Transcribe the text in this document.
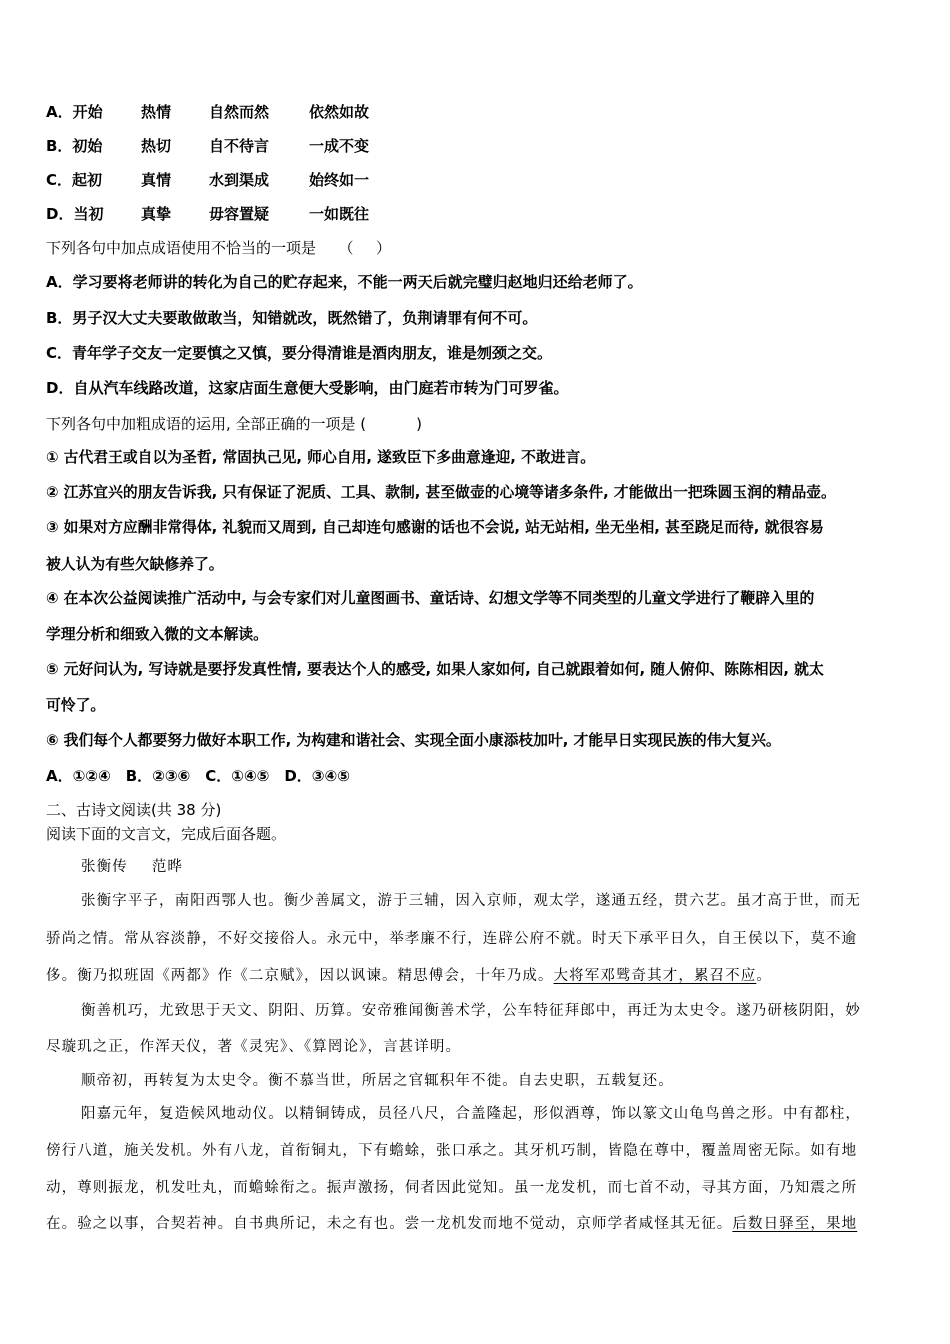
A．开始	热情	自然而然	依然如故
B．初始	热切	自不待言	一成不变
C．起初	真情	水到渠成	始终如一
D．当初	真挚	毋容置疑	一如既往
下列各句中加点成语使用不恰当的一项是 （ ）
A．学习要将老师讲的转化为自己的贮存起来，不能一两天后就完璧归赵地归还给老师了。
B．男子汉大丈夫要敢做敢当，知错就改，既然错了，负荆请罪有何不可。
C．青年学子交友一定要慎之又慎，要分得清谁是酒肉朋友，谁是刎颈之交。
D．自从汽车线路改道，这家店面生意便大受影响，由门庭若市转为门可罗雀。
下列各句中加粗成语的运用, 全部正确的一项是 (	)
① 古代君王或自以为圣哲, 常固执己见, 师心自用, 遂致臣下多曲意逢迎, 不敢进言。
② 江苏宜兴的朋友告诉我, 只有保证了泥质、工具、款制, 甚至做壶的心境等诸多条件, 才能做出一把珠圆玉润的精品壶。
③ 如果对方应酬非常得体, 礼貌而又周到, 自己却连句感谢的话也不会说, 站无站相, 坐无坐相, 甚至跷足而待, 就很容易
被人认为有些欠缺修养了。
④ 在本次公益阅读推广活动中, 与会专家们对儿童图画书、童话诗、幻想文学等不同类型的儿童文学进行了鞭辟入里的
学理分析和细致入微的文本解读。
⑤ 元好问认为, 写诗就是要抒发真性情, 要表达个人的感受, 如果人家如何, 自己就跟着如何, 随人俯仰、陈陈相因, 就太
可怜了。
⑥ 我们每个人都要努力做好本职工作, 为构建和谐社会、实现全面小康添枝加叶, 才能早日实现民族的伟大复兴。
A．①②④　B．②③⑥　C．①④⑤　D．③④⑤
二、古诗文阅读(共 38 分)
阅读下面的文言文，完成后面各题。
张衡传 范晔
张衡字平子，南阳西鄂人也。衡少善属文，游于三辅，因入京师，观太学，遂通五经，贯六艺。虽才高于世，而无
骄尚之情。常从容淡静，不好交接俗人。永元中，举孝廉不行，连辟公府不就。时天下承平日久，自王侯以下，莫不逾
侈。衡乃拟班固《两都》作《二京赋》，因以讽谏。精思傅会，十年乃成。大将军邓骘奇其才，累召不应。
衡善机巧，尤致思于天文、阴阳、历算。安帝雅闻衡善术学，公车特征拜郎中，再迁为太史令。遂乃研核阴阳，妙
尽璇玑之正，作浑天仪，著《灵宪》、《算罔论》，言甚详明。
顺帝初，再转复为太史令。衡不慕当世，所居之官辄积年不徙。自去史职，五载复还。
阳嘉元年，复造候风地动仪。以精铜铸成，员径八尺，合盖隆起，形似酒尊，饰以篆文山龟鸟兽之形。中有都柱，
傍行八道，施关发机。外有八龙，首衔铜丸，下有蟾蜍，张口承之。其牙机巧制，皆隐在尊中，覆盖周密无际。如有地
动，尊则振龙，机发吐丸，而蟾蜍衔之。振声激扬，伺者因此觉知。虽一龙发机，而七首不动，寻其方面，乃知震之所
在。验之以事，合契若神。自书典所记，未之有也。尝一龙机发而地不觉动，京师学者咸怪其无征。后数日驿至，果地
